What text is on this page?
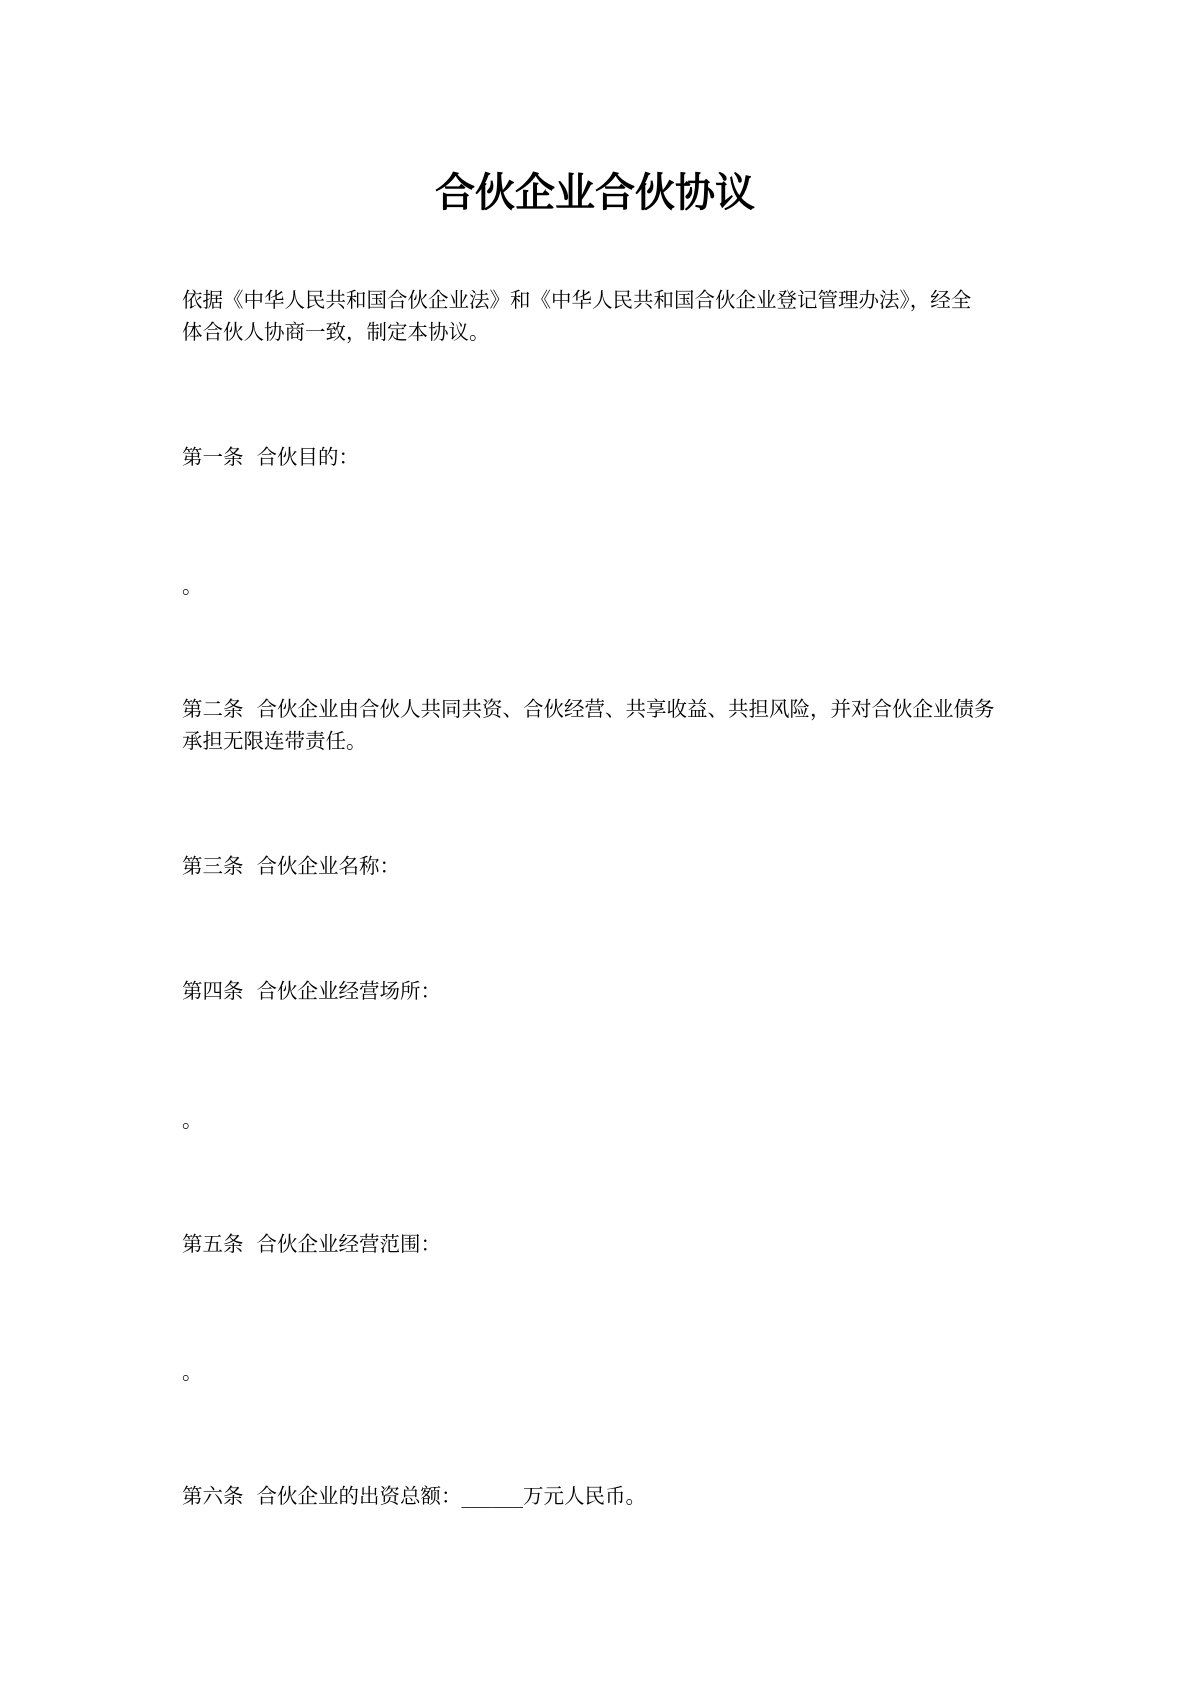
合伙企业合伙协议
依据《中华人民共和国合伙企业法》和《中华人民共和国合伙企业登记管理办法》，经全
体合伙人协商一致，制定本协议。
第一条  合伙目的：
。
第二条  合伙企业由合伙人共同共资、合伙经营、共享收益、共担风险，并对合伙企业债务
承担无限连带责任。
第三条  合伙企业名称：
第四条  合伙企业经营场所：
。
第五条  合伙企业经营范围：
。
第六条  合伙企业的出资总额：______万元人民币。
